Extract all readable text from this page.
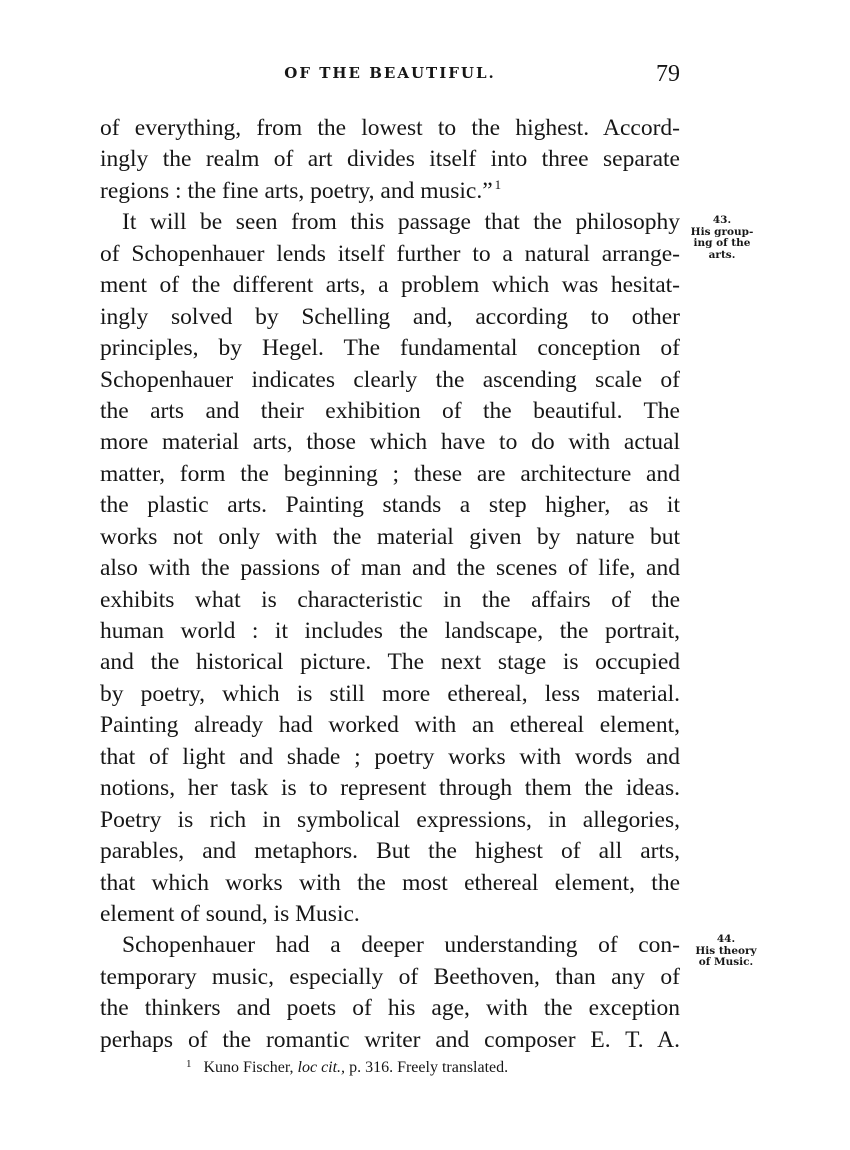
OF THE BEAUTIFUL.	79
of everything, from the lowest to the highest. Accord-
ingly the realm of art divides itself into three separate
regions : the fine arts, poetry, and music.” $^1$
It will be seen from this passage that the philosophy
of Schopenhauer lends itself further to a natural arrange-
ment of the different arts, a problem which was hesitat-
ingly solved by Schelling and, according to other
principles, by Hegel. The fundamental conception of
Schopenhauer indicates clearly the ascending scale of
the arts and their exhibition of the beautiful. The
more material arts, those which have to do with actual
matter, form the beginning ; these are architecture and
the plastic arts. Painting stands a step higher, as it
works not only with the material given by nature but
also with the passions of man and the scenes of life, and
exhibits what is characteristic in the affairs of the
human world : it includes the landscape, the portrait,
and the historical picture. The next stage is occupied
by poetry, which is still more ethereal, less material.
Painting already had worked with an ethereal element,
that of light and shade ; poetry works with words and
notions, her task is to represent through them the ideas.
Poetry is rich in symbolical expressions, in allegories,
parables, and metaphors. But the highest of all arts,
that which works with the most ethereal element, the
element of sound, is Music.
Schopenhauer had a deeper understanding of con-
temporary music, especially of Beethoven, than any of
the thinkers and poets of his age, with the exception
perhaps of the romantic writer and composer E. T. A.
43.
His group-
ing of the
arts.
44.
His theory
of Music.
$^1$ Kuno Fischer, loc cit., p. 316. Freely translated.
